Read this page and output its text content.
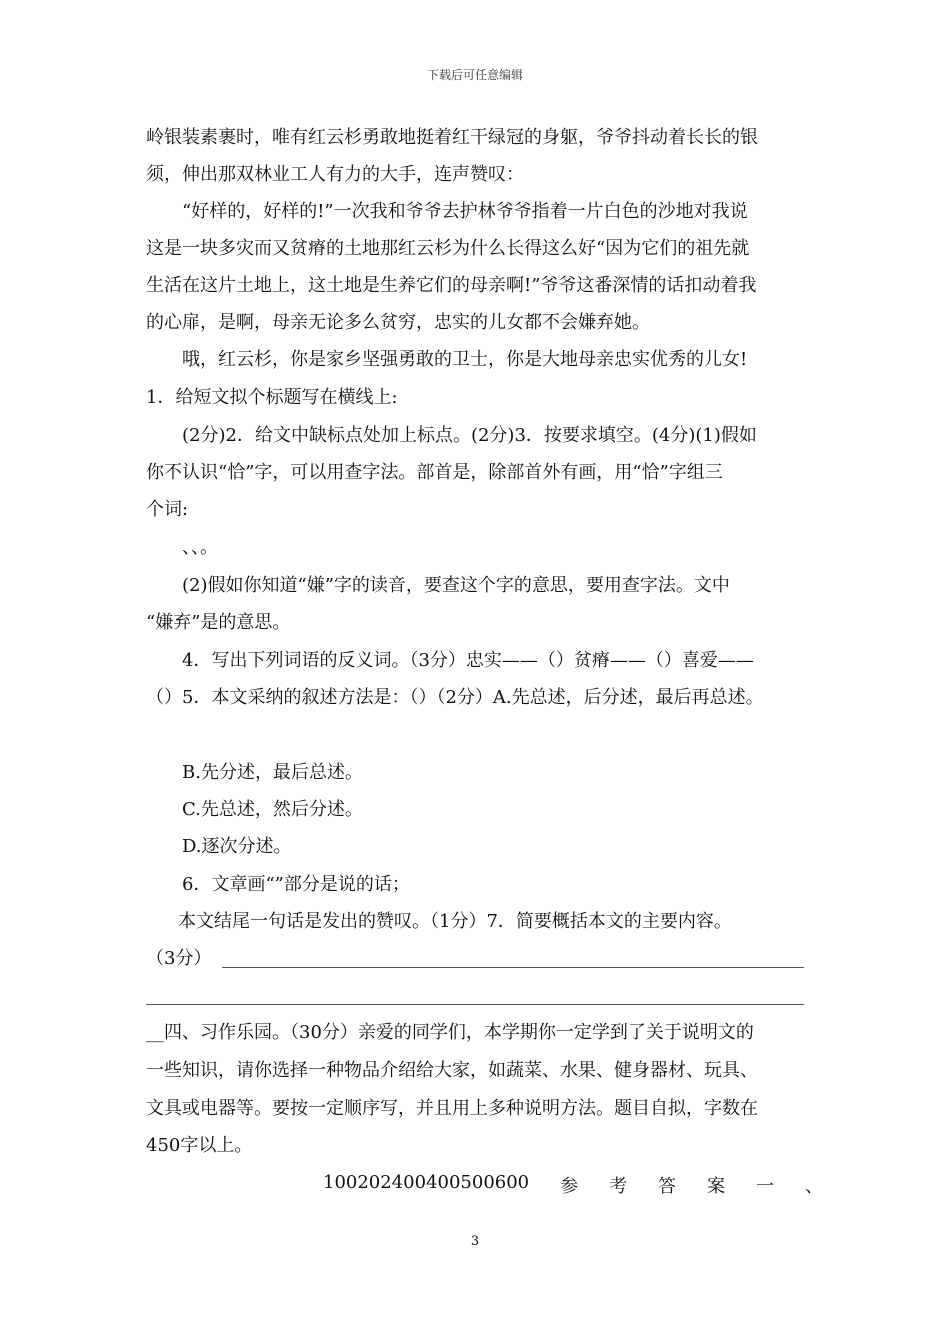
下载后可任意编辑
岭银装素裹时，唯有红云杉勇敢地挺着红干绿冠的身躯，爷爷抖动着长长的银
须，伸出那双林业工人有力的大手，连声赞叹：
“好样的，好样的!”一次我和爷爷去护林爷爷指着一片白色的沙地对我说
这是一块多灾而又贫瘠的土地那红云杉为什么长得这么好“因为它们的祖先就
生活在这片土地上，这土地是生养它们的母亲啊!”爷爷这番深情的话扣动着我
的心扉，是啊，母亲无论多么贫穷，忠实的儿女都不会嫌弃她。
哦，红云杉，你是家乡坚强勇敢的卫士，你是大地母亲忠实优秀的儿女!
1．给短文拟个标题写在横线上:
(2分)2．给文中缺标点处加上标点。(2分)3．按要求填空。(4分)(1)假如
你不认识“恰”字，可以用查字法。部首是，除部首外有画，用“恰”字组三
个词:
、、。
(2)假如你知道“嫌”字的读音，要查这个字的意思，要用查字法。文中
“嫌弃”是的意思。
4．写出下列词语的反义词。（3分）忠实——（）贫瘠——（）喜爱——
（）5．本文采纳的叙述方法是：（）（2分）A.先总述，后分述，最后再总述。
B.先分述，最后总述。
C.先总述，然后分述。
D.逐次分述。
6．文章画“”部分是说的话；
本文结尾一句话是发出的赞叹。（1分）7．简要概括本文的主要内容。
（3分）
__四、习作乐园。（30分）亲爱的同学们，本学期你一定学到了关于说明文的
一些知识，请你选择一种物品介绍给大家，如蔬菜、水果、健身器材、玩具、
文具或电器等。要按一定顺序写，并且用上多种说明方法。题目自拟，字数在
450字以上。
100202400400500600 参 考 答 案 一 、
3
